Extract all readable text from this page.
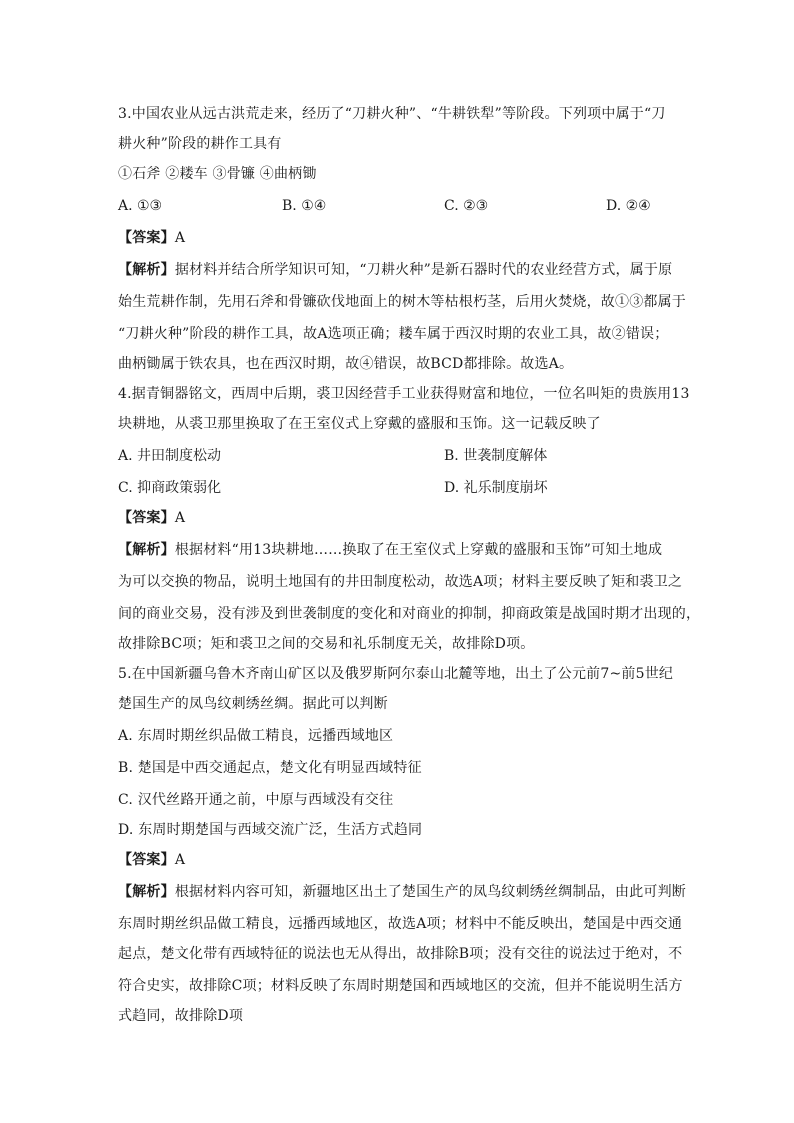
3.中国农业从远古洪荒走来，经历了“刀耕火种”、“牛耕铁犁”等阶段。下列项中属于“刀
耕火种”阶段的耕作工具有
①石斧 ②耧车 ③骨镰 ④曲柄锄
A. ①③	B. ①④	C. ②③	D. ②④
【答案】A
【解析】据材料并结合所学知识可知，“刀耕火种”是新石器时代的农业经营方式，属于原
始生荒耕作制，先用石斧和骨镰砍伐地面上的树木等枯根朽茎，后用火焚烧，故①③都属于
“刀耕火种”阶段的耕作工具，故A选项正确；耧车属于西汉时期的农业工具，故②错误；
曲柄锄属于铁农具，也在西汉时期，故④错误，故BCD都排除。故选A。
4.据青铜器铭文，西周中后期，裘卫因经营手工业获得财富和地位，一位名叫矩的贵族用13
块耕地，从裘卫那里换取了在王室仪式上穿戴的盛服和玉饰。这一记载反映了
A. 井田制度松动	B. 世袭制度解体
C. 抑商政策弱化	D. 礼乐制度崩坏
【答案】A
【解析】根据材料“用13块耕地……换取了在王室仪式上穿戴的盛服和玉饰”可知土地成
为可以交换的物品，说明土地国有的井田制度松动，故选A项；材料主要反映了矩和裘卫之
间的商业交易，没有涉及到世袭制度的变化和对商业的抑制，抑商政策是战国时期才出现的，
故排除BC项；矩和裘卫之间的交易和礼乐制度无关，故排除D项。
5.在中国新疆乌鲁木齐南山矿区以及俄罗斯阿尔泰山北麓等地，出土了公元前7~前5世纪
楚国生产的凤鸟纹刺绣丝绸。据此可以判断
A. 东周时期丝织品做工精良，远播西域地区
B. 楚国是中西交通起点，楚文化有明显西域特征
C. 汉代丝路开通之前，中原与西域没有交往
D. 东周时期楚国与西域交流广泛，生活方式趋同
【答案】A
【解析】根据材料内容可知，新疆地区出土了楚国生产的凤鸟纹刺绣丝绸制品，由此可判断
东周时期丝织品做工精良，远播西域地区，故选A项；材料中不能反映出，楚国是中西交通
起点，楚文化带有西域特征的说法也无从得出，故排除B项；没有交往的说法过于绝对，不
符合史实，故排除C项；材料反映了东周时期楚国和西域地区的交流，但并不能说明生活方
式趋同，故排除D项
